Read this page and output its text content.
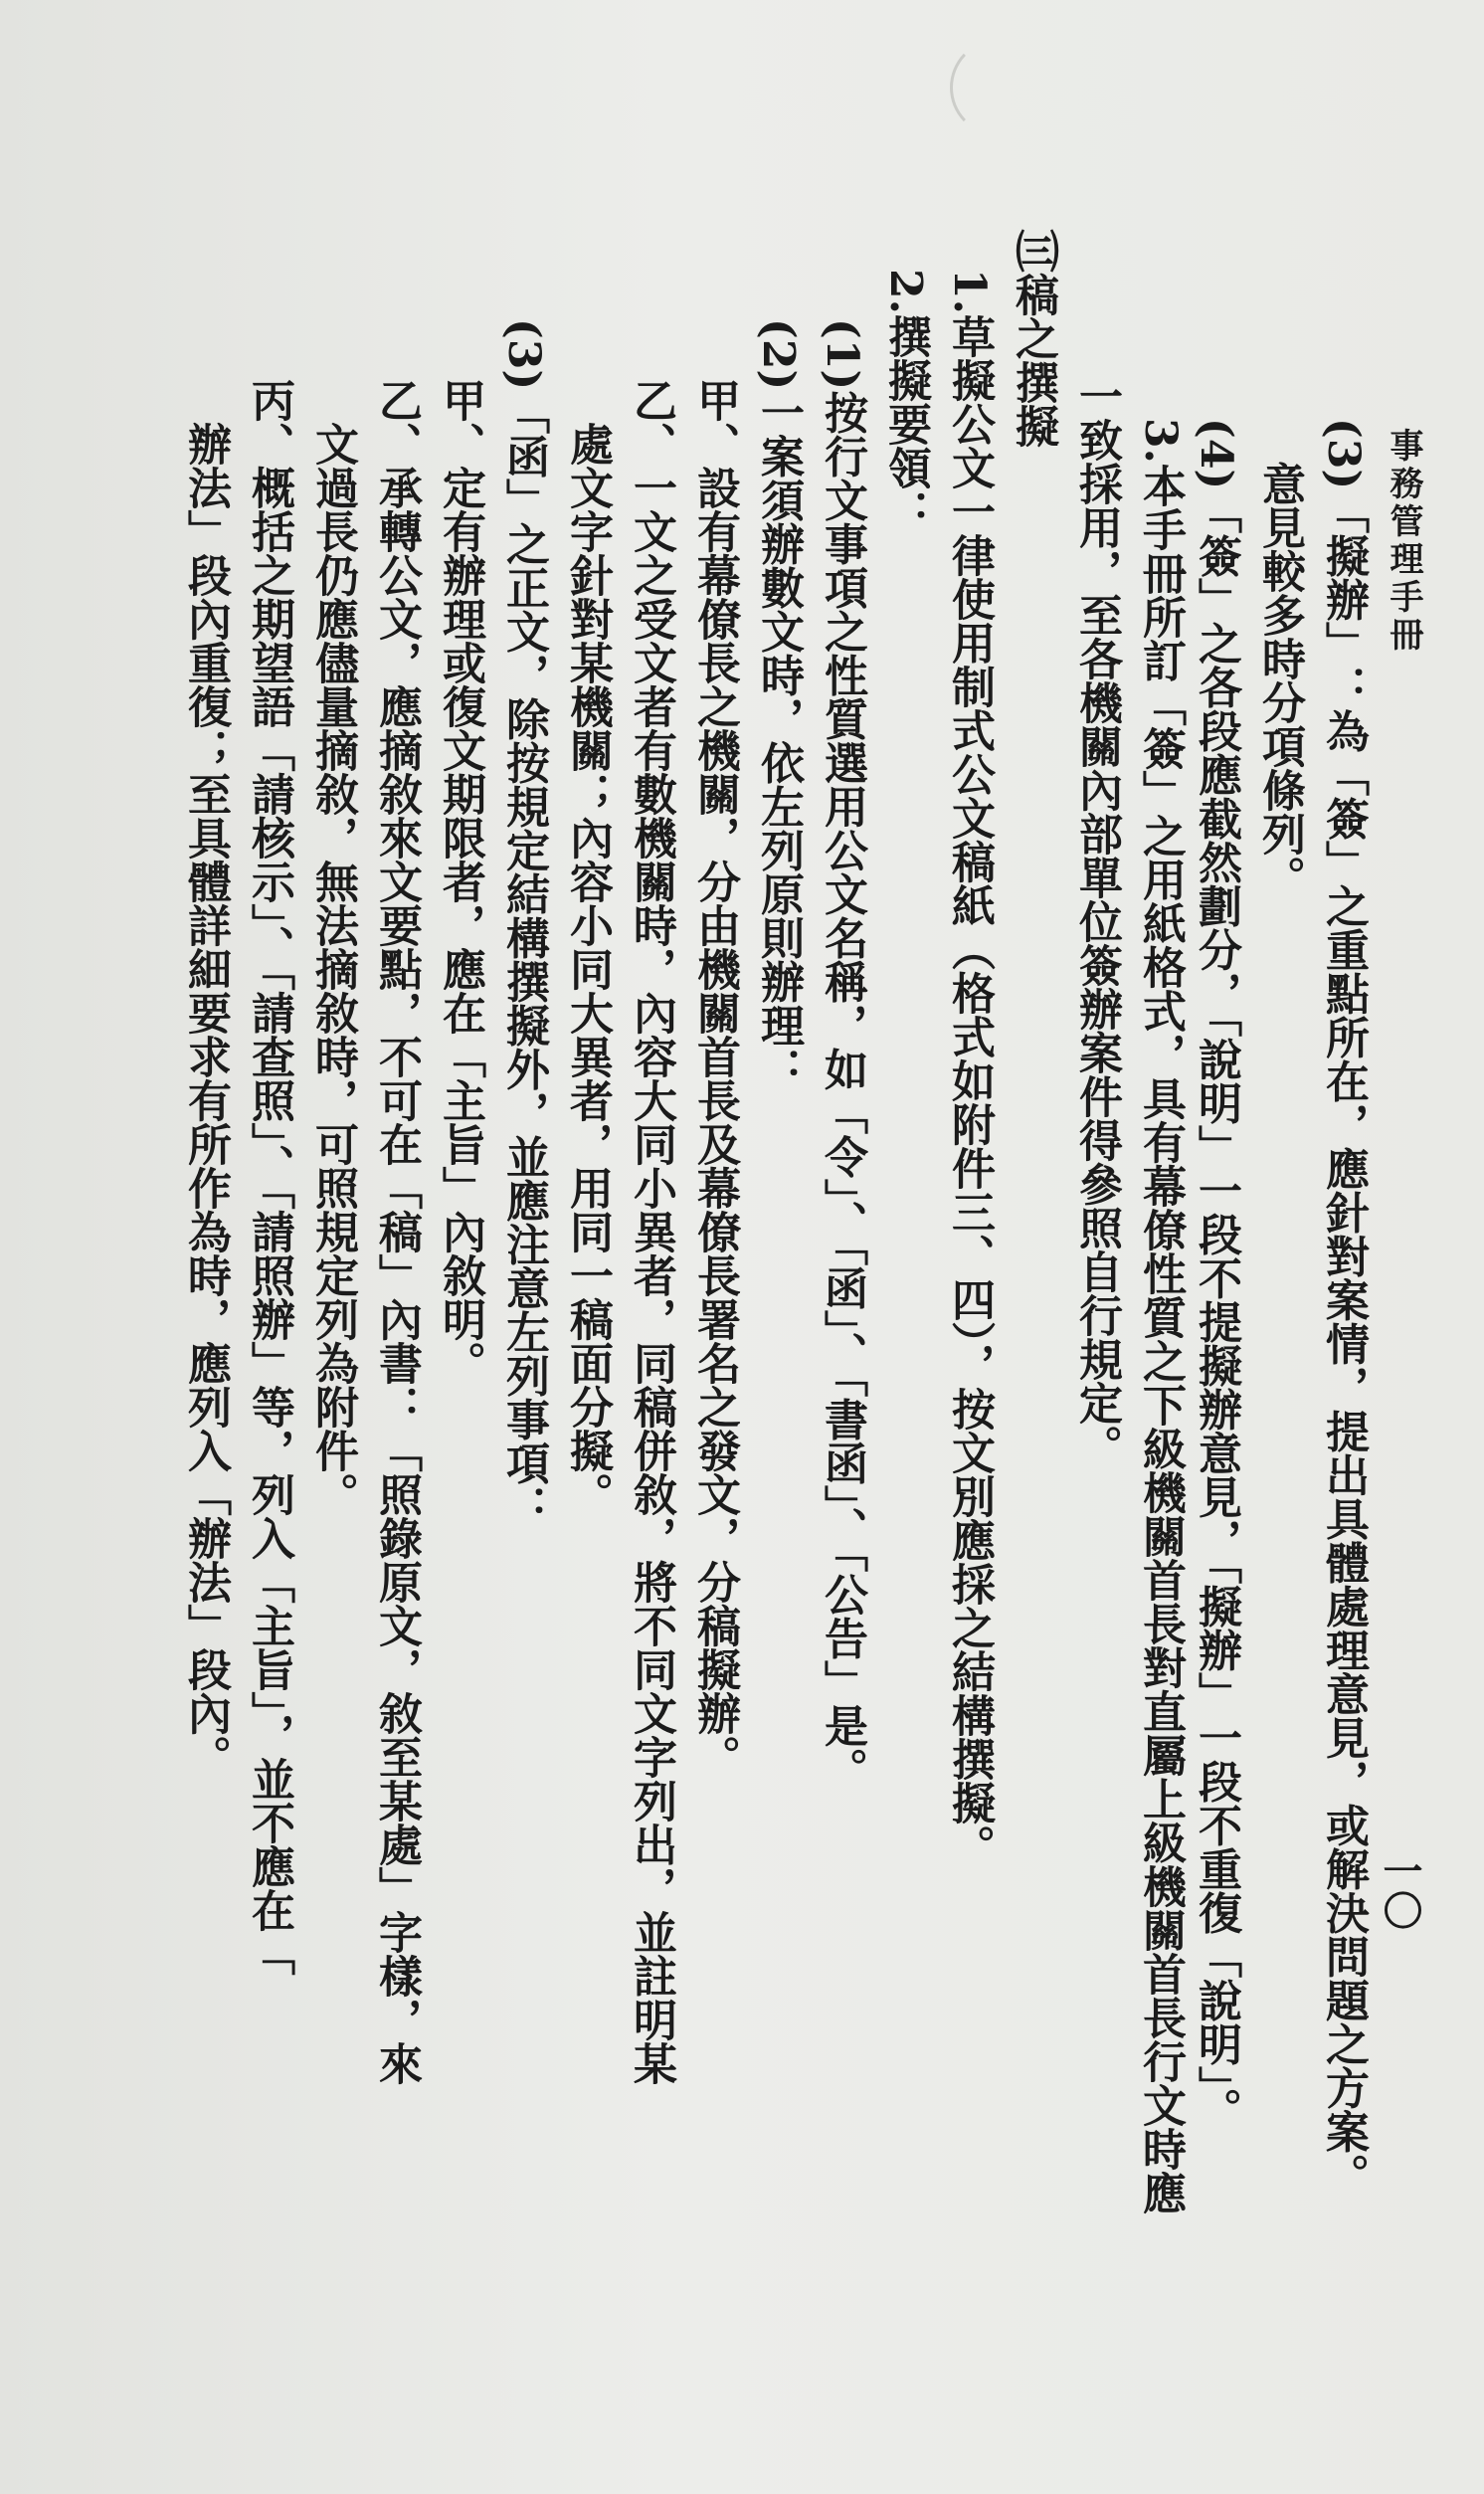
事務管理手冊
一〇

(3)「擬辦」：為「簽」之重點所在，應針對案情，提出具體處理意見，或解決問題之方案。

　意見較多時分項條列。

(4)「簽」之各段應截然劃分，「說明」一段不提擬辦意見，「擬辦」一段不重復「說明」。

3.本手冊所訂「簽」之用紙格式，具有幕僚性質之下級機關首長對直屬上級機關首長行文時應

一致採用，至各機關內部單位簽辦案件得參照自行規定。

㈢稿之撰擬

1.草擬公文一律使用制式公文稿紙（格式如附件三、四），按文別應採之結構撰擬。

2.撰擬要領：

(1)按行文事項之性質選用公文名稱，如「令」、「函」、「書函」、「公告」是。

(2)一案須辦數文時，依左列原則辦理：

甲、設有幕僚長之機關，分由機關首長及幕僚長署名之發文，分稿擬辦。

乙、一文之受文者有數機關時，內容大同小異者，同稿併敘，將不同文字列出，並註明某

　處文字針對某機關；內容小同大異者，用同一稿面分擬。

(3)「函」之正文，除按規定結構撰擬外，並應注意左列事項：

甲、定有辦理或復文期限者，應在「主旨」內敘明。

乙、承轉公文，應摘敘來文要點，不可在「稿」內書：「照錄原文，敘至某處」字樣，來

　文過長仍應儘量摘敘，無法摘敘時，可照規定列為附件。

丙、概括之期望語「請核示」、「請查照」、「請照辦」等，列入「主旨」，並不應在「

　辦法」段內重復；至具體詳細要求有所作為時，應列入「辦法」段內。
